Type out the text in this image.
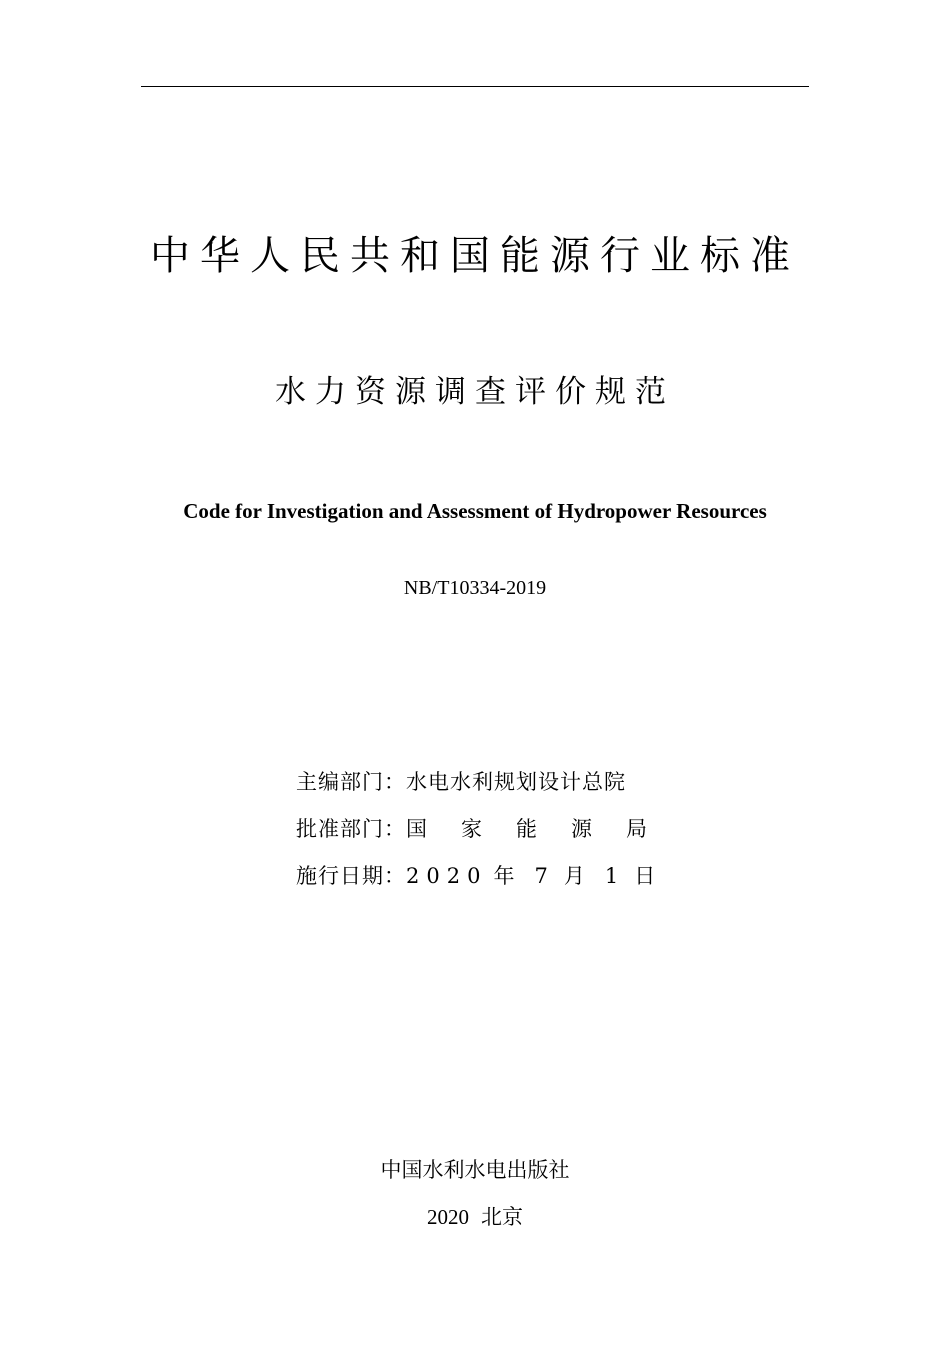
中华人民共和国能源行业标准
水力资源调查评价规范
Code for Investigation and Assessment of Hydropower Resources
NB/T10334-2019
主编部门：水电水利规划设计总院
批准部门：国 家 能 源 局
施行日期：2020 年 7 月 1 日
中国水利水电出版社
2020 北京
